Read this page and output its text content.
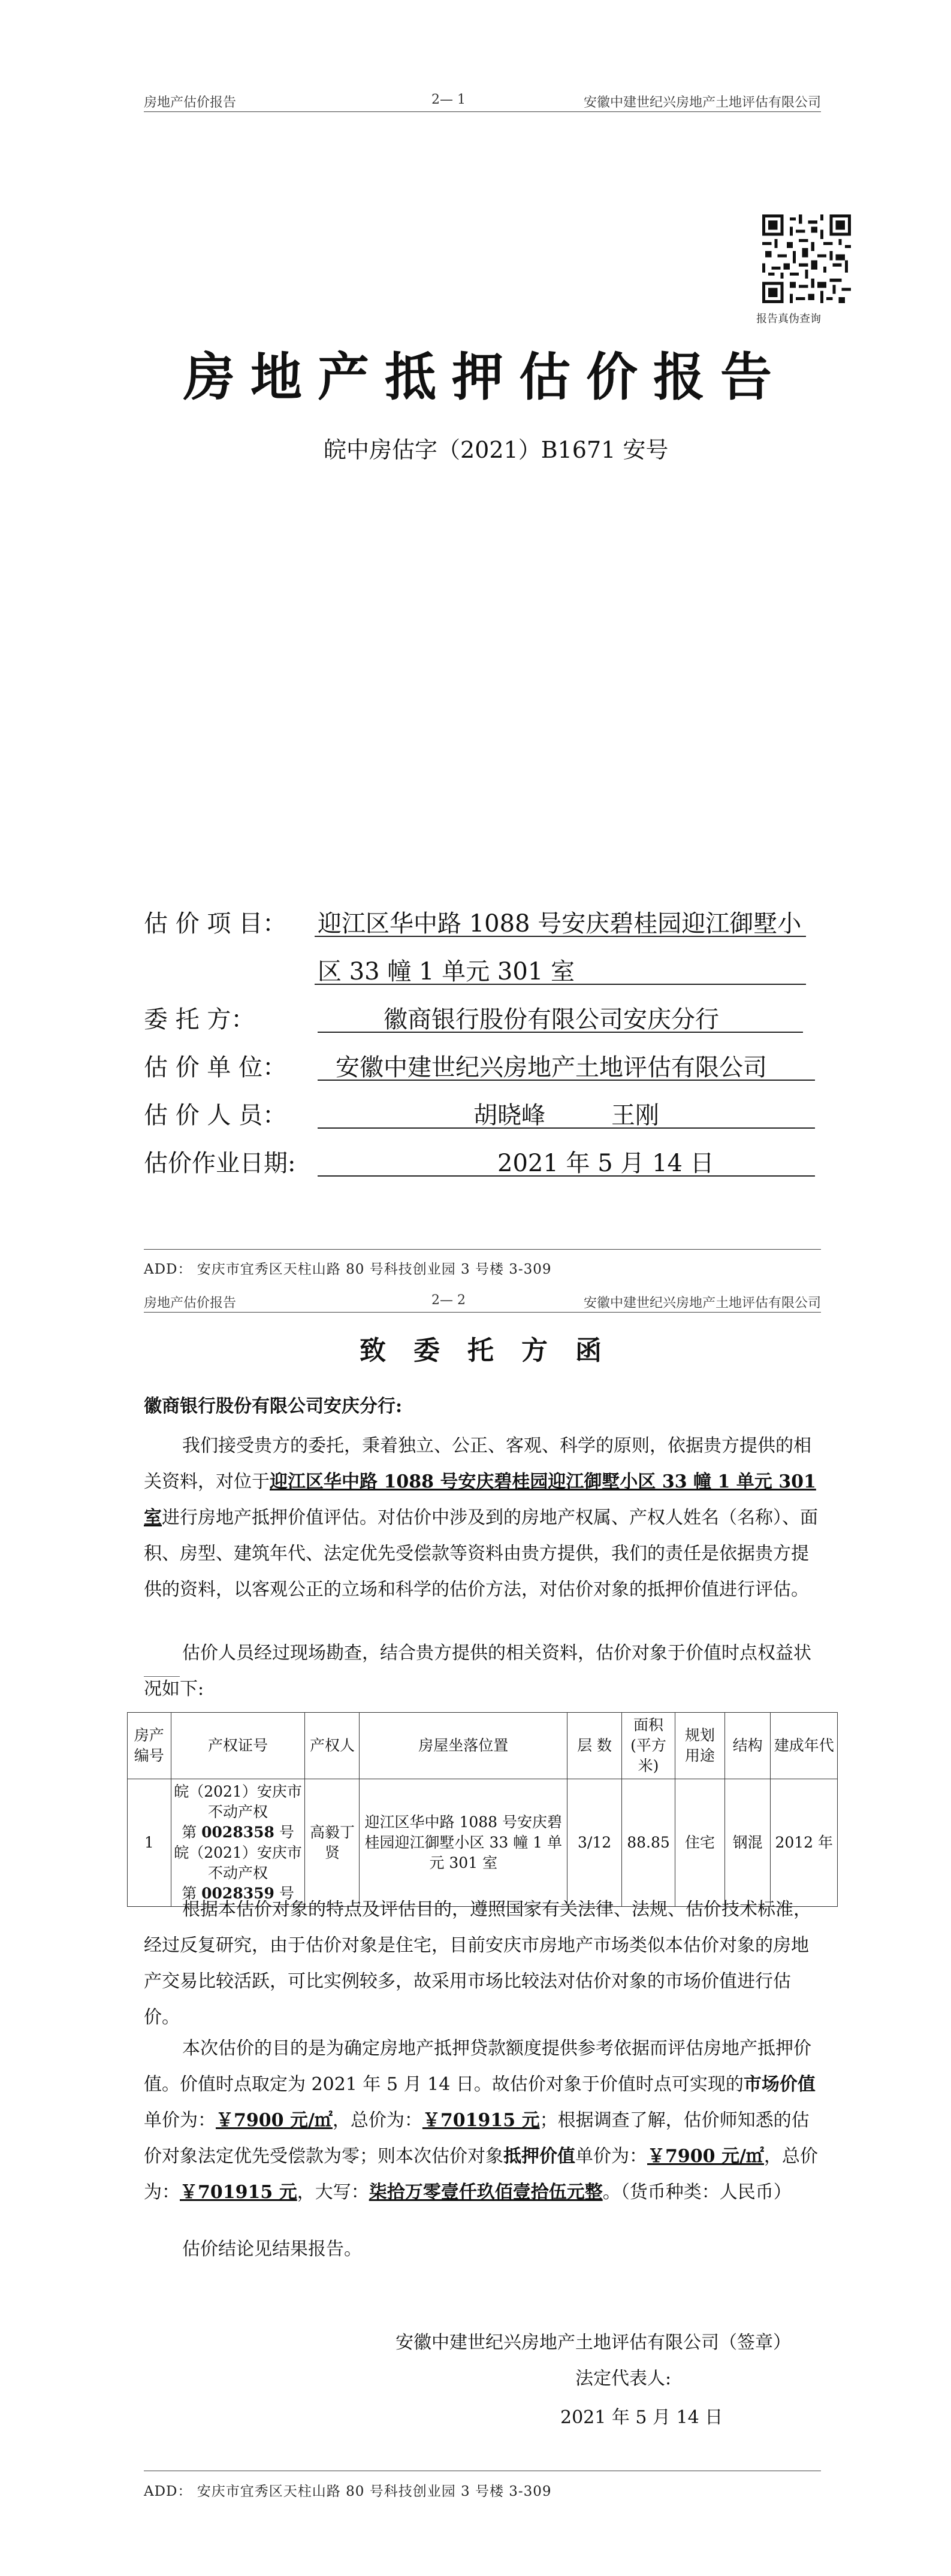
房地产估价报告	2— 1	安徽中建世纪兴房地产土地评估有限公司
报告真伪查询
房地产抵押估价报告
皖中房估字（2021）B1671 安号
估 价 项 目： 迎江区华中路 1088 号安庆碧桂园迎江御墅小
区 33 幢 1 单元 301 室
委 托 方：	徽商银行股份有限公司安庆分行
估 价 单 位： 安徽中建世纪兴房地产土地评估有限公司
估 价 人 员：	胡晓峰	王刚
估价作业日期:	2021 年 5 月 14 日
ADD： 安庆市宜秀区天柱山路 80 号科技创业园 3 号楼 3-309
房地产估价报告	2— 2	安徽中建世纪兴房地产土地评估有限公司
致委托方函
徽商银行股份有限公司安庆分行:
我们接受贵方的委托，秉着独立、公正、客观、科学的原则，依据贵方提供的相关资料，对位于迎江区华中路 1088 号安庆碧桂园迎江御墅小区 33 幢 1 单元 301 室进行房地产抵押价值评估。对估价中涉及到的房地产权属、产权人姓名（名称）、面积、房型、建筑年代、法定优先受偿款等资料由贵方提供，我们的责任是依据贵方提供的资料，以客观公正的立场和科学的估价方法，对估价对象的抵押价值进行评估。
估价人员经过现场勘查，结合贵方提供的相关资料，估价对象于价值时点权益状况如下:
房产编号	产权证号	产权人	房屋坐落位置	层 数	面积(平方米)	规划用途	结构	建成年代
1	皖（2021）安庆市不动产权
第 0028358 号
皖（2021）安庆市不动产权
第 0028359 号	高毅丁贤	迎江区华中路 1088 号安庆碧桂园迎江御墅小区 33 幢 1 单元 301 室	3/12	88.85	住宅	钢混	2012 年
根据本估价对象的特点及评估目的，遵照国家有关法律、法规、估价技术标准，经过反复研究，由于估价对象是住宅，目前安庆市房地产市场类似本估价对象的房地产交易比较活跃，可比实例较多，故采用市场比较法对估价对象的市场价值进行估价。
本次估价的目的是为确定房地产抵押贷款额度提供参考依据而评估房地产抵押价值。价值时点取定为 2021 年 5 月 14 日。故估价对象于价值时点可实现的市场价值单价为：￥7900 元/㎡，总价为：￥701915 元；根据调查了解，估价师知悉的估价对象法定优先受偿款为零；则本次估价对象抵押价值单价为：￥7900 元/㎡，总价为：￥701915 元，大写：柒拾万零壹仟玖佰壹拾伍元整。（货币种类：人民币）
估价结论见结果报告。
安徽中建世纪兴房地产土地评估有限公司（签章）
法定代表人:
2021 年 5 月 14 日
ADD： 安庆市宜秀区天柱山路 80 号科技创业园 3 号楼 3-309
